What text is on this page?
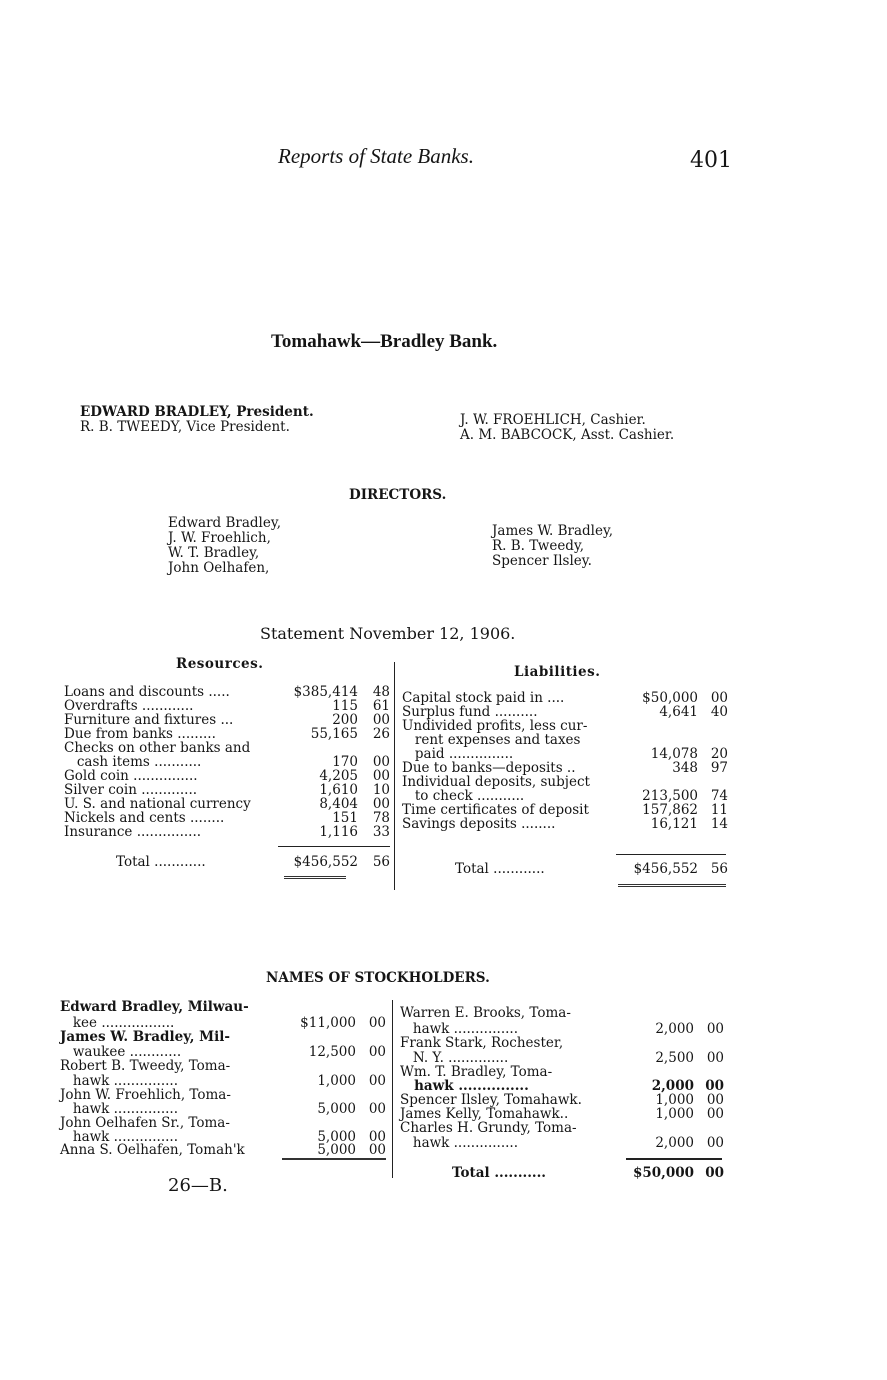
Reports of State Banks.	401
Tomahawk—Bradley Bank.
EDWARD BRADLEY, President.
R. B. TWEEDY, Vice President.	J. W. FROEHLICH, Cashier.
A. M. BABCOCK, Asst. Cashier.
DIRECTORS.
Edward Bradley,
J. W. Froehlich,
W. T. Bradley,
John Oelhafen,
James W. Bradley,
R. B. Tweedy,
Spencer Ilsley.
Statement November 12, 1906.
Resources.	Liabilities.
Loans and discounts .....	$385,414	48
Overdrafts ............	115	61
Furniture and fixtures ...	200	00
Due from banks .........	55,165	26
Checks on other banks and
cash items ...........	170	00
Gold coin ...............	4,205	00
Silver coin .............	1,610	10
U. S. and national currency	8,404	00
Nickels and cents ........	151	78
Insurance ...............	1,116	33
Total ............	$456,552	56
Capital stock paid in ....	$50,000 00
Surplus fund ..........	4,641 40
Undivided profits, less cur-
rent expenses and taxes
paid ...............	14,078 20
Due to banks—deposits ..	348 97
Individual deposits, subject
to check ...........	213,500 74
Time certificates of deposit	157,862 11
Savings deposits ........	16,121 14
Total ............	$456,552 56
NAMES OF STOCKHOLDERS.
Edward Bradley, Milwau-
kee .................	$11,000 00
James W. Bradley, Mil-
waukee ............	12,500 00
Robert B. Tweedy, Toma-
hawk ...............	1,000 00
John W. Froehlich, Toma-
hawk ...............	5,000 00
John Oelhafen Sr., Toma-
hawk ...............	5,000 00
Anna S. Oelhafen, Tomah'k	5,000 00
Warren E. Brooks, Toma-
hawk ...............	2,000 00
Frank Stark, Rochester,
N. Y. ..............	2,500 00
Wm. T. Bradley, Toma-
hawk ...............	2,000 00
Spencer Ilsley, Tomahawk.	1,000 00
James Kelly, Tomahawk..	1,000 00
Charles H. Grundy, Toma-
hawk ...............	2,000 00
Total ...........	$50,000 00
26—B.
